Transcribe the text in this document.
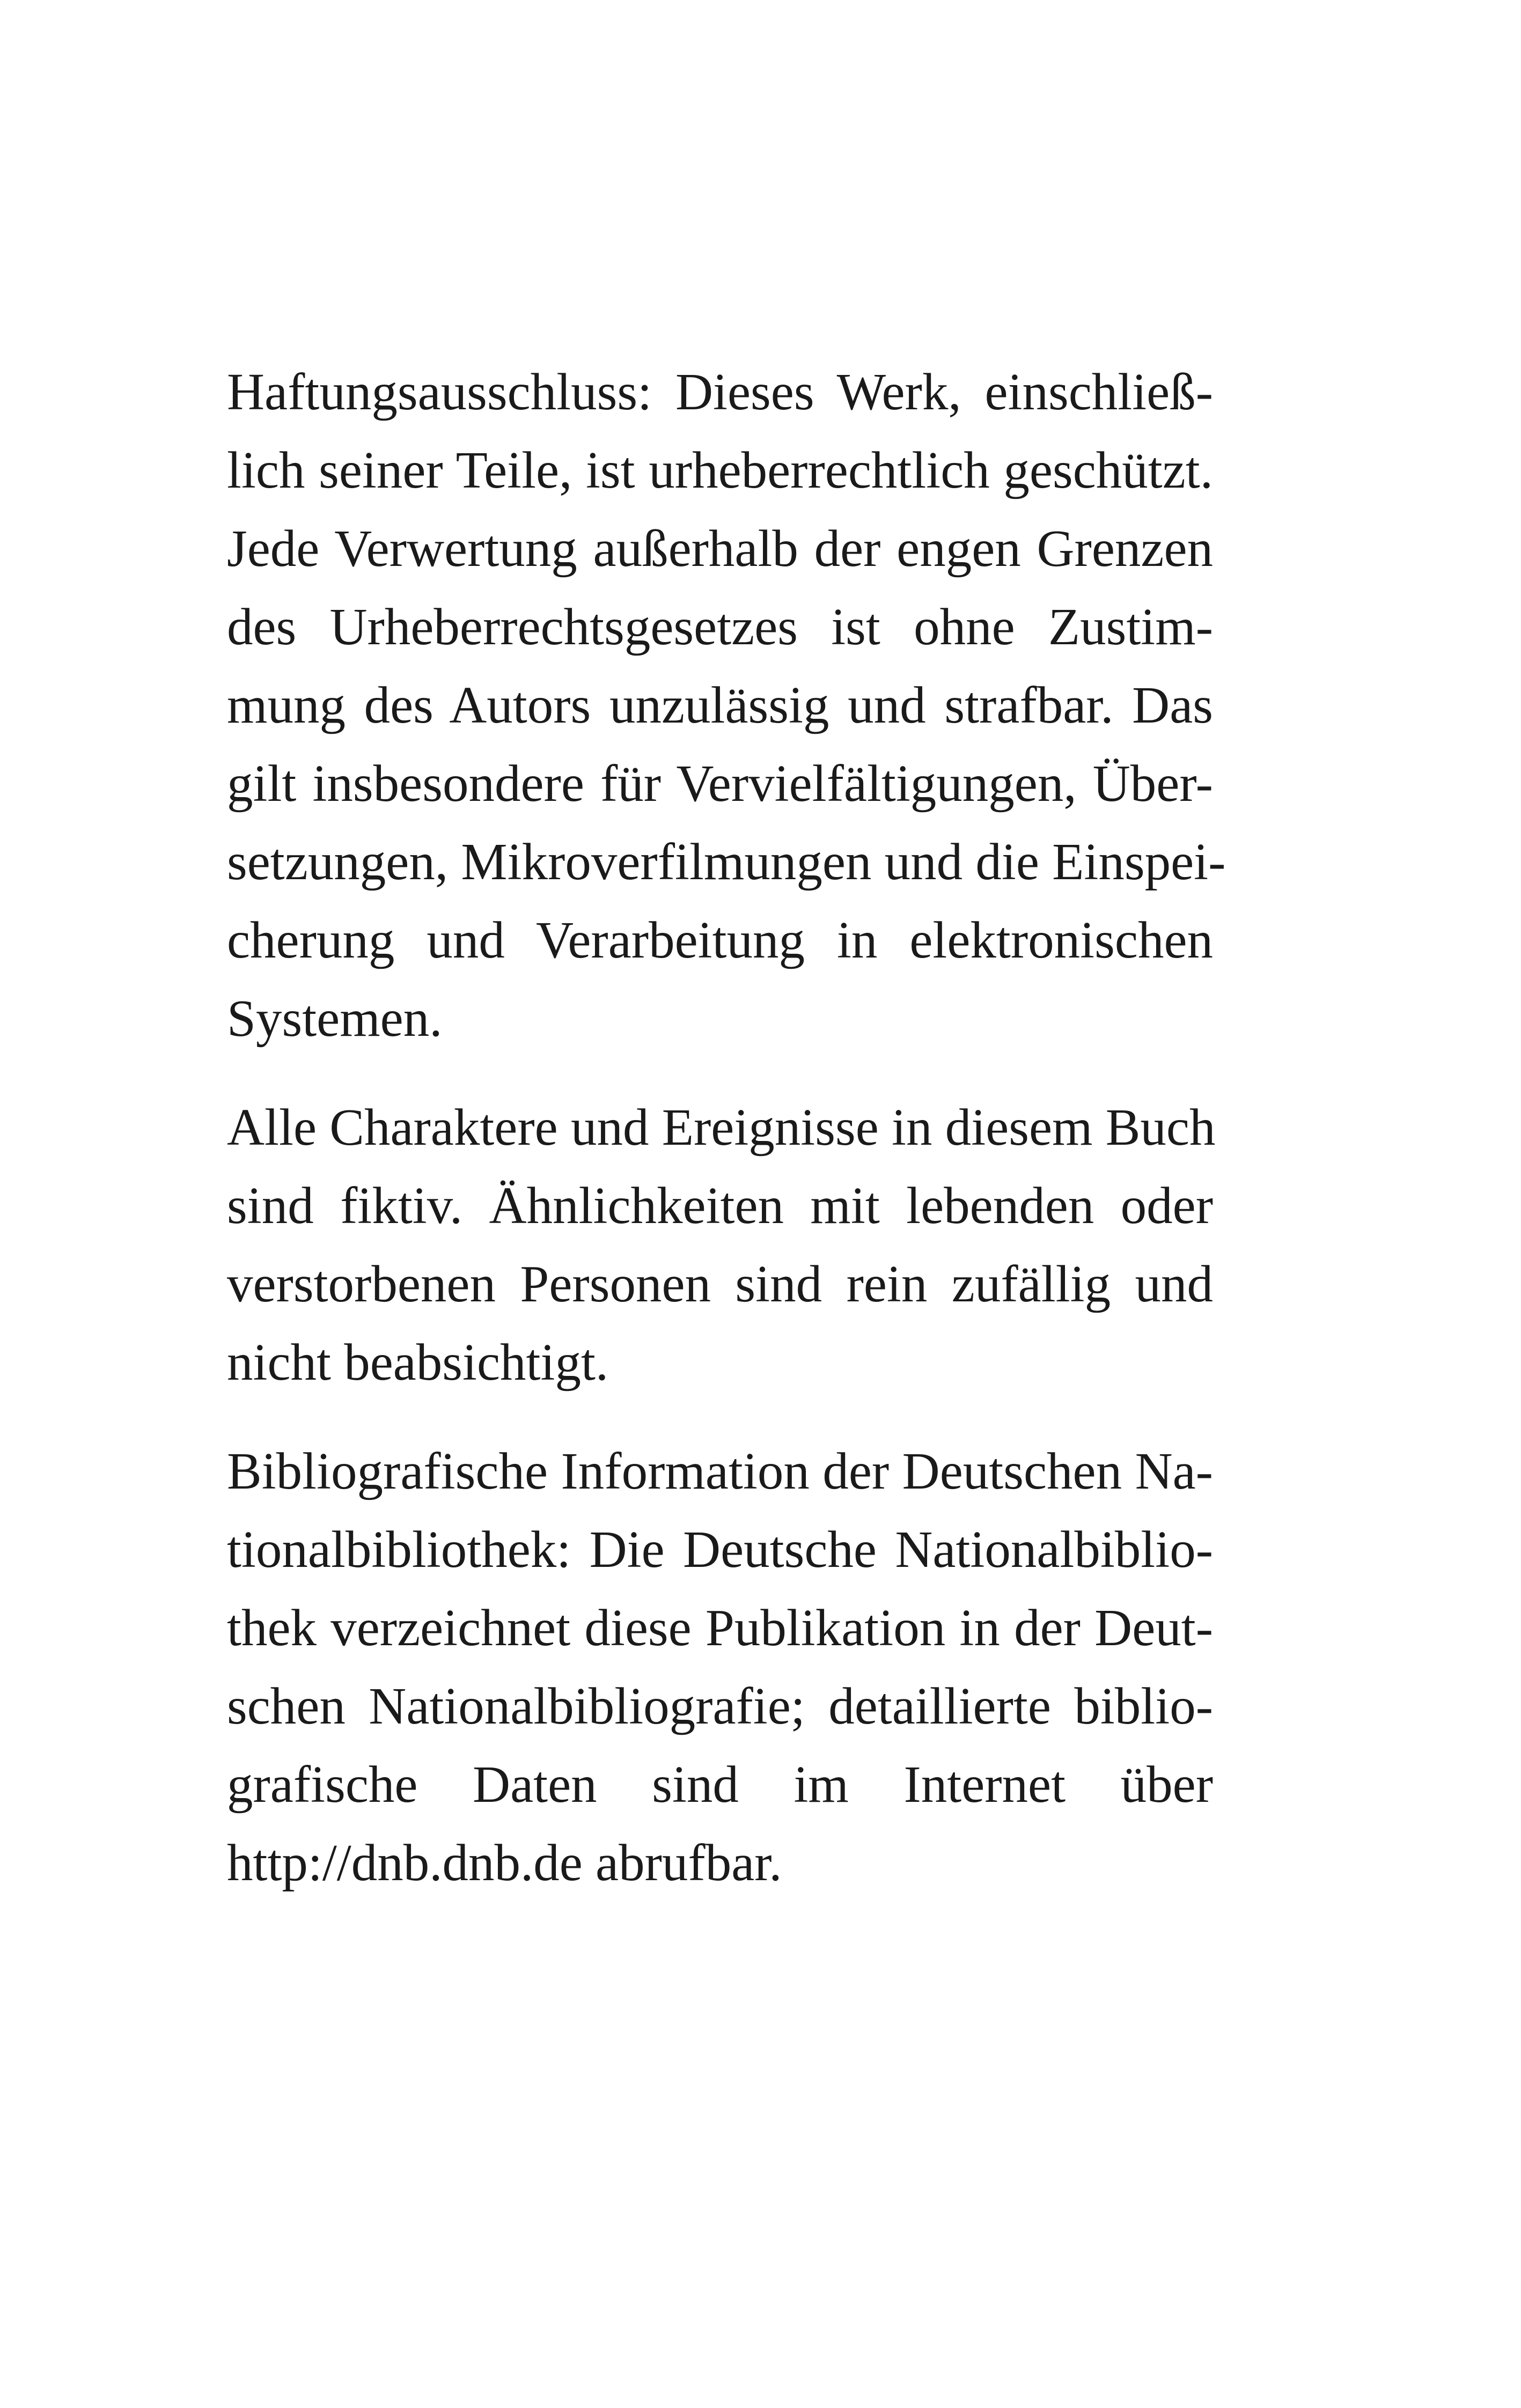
Haftungsausschluss: Dieses Werk, einschließ-
lich seiner Teile, ist urheberrechtlich geschützt.
Jede Verwertung außerhalb der engen Grenzen
des Urheberrechtsgesetzes ist ohne Zustim-
mung des Autors unzulässig und strafbar. Das
gilt insbesondere für Vervielfältigungen, Über-
setzungen, Mikroverfilmungen und die Einspei-
cherung und Verarbeitung in elektronischen
Systemen.

Alle Charaktere und Ereignisse in diesem Buch
sind fiktiv. Ähnlichkeiten mit lebenden oder
verstorbenen Personen sind rein zufällig und
nicht beabsichtigt.

Bibliografische Information der Deutschen Na-
tionalbibliothek: Die Deutsche Nationalbiblio-
thek verzeichnet diese Publikation in der Deut-
schen Nationalbibliografie; detaillierte biblio-
grafische Daten sind im Internet über
http://dnb.dnb.de abrufbar.
